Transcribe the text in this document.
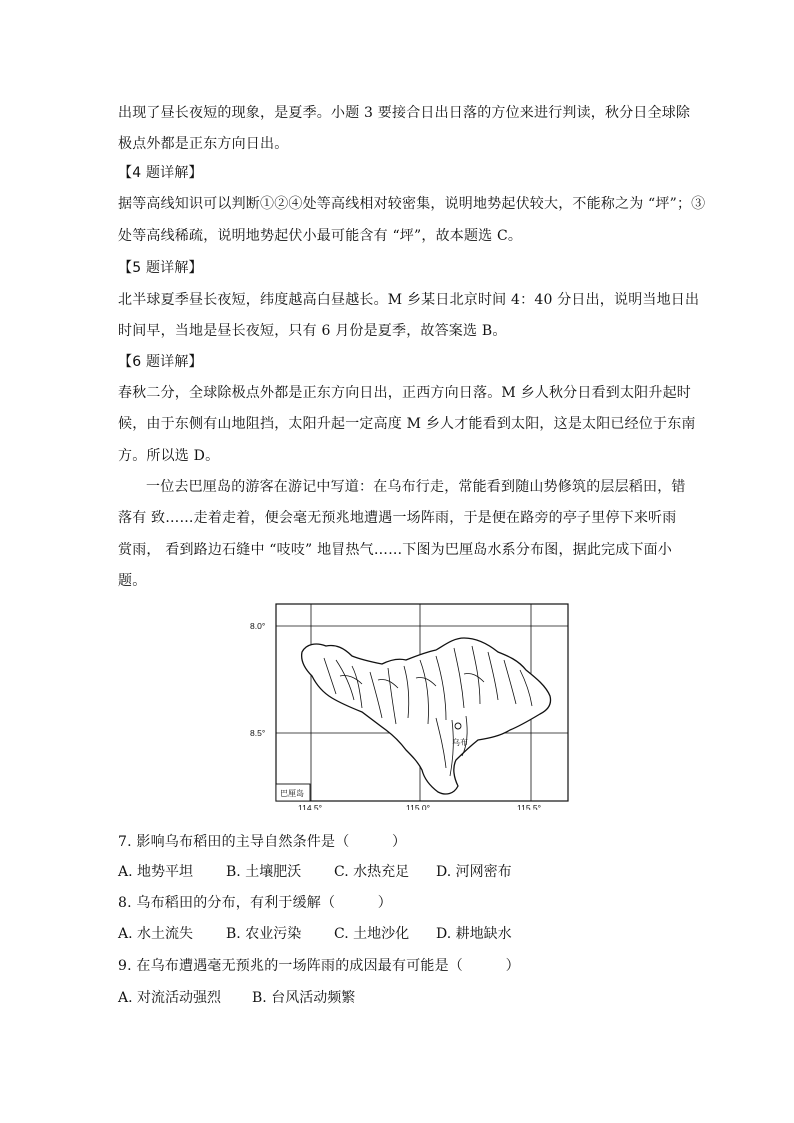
出现了昼长夜短的现象，是夏季。小题 3 要接合日出日落的方位来进行判读，秋分日全球除
极点外都是正东方向日出。
【4 题详解】
据等高线知识可以判断①②④处等高线相对较密集，说明地势起伏较大，不能称之为 “坪”；③
处等高线稀疏，说明地势起伏小最可能含有 “坪”，故本题选 C。
【5 题详解】
北半球夏季昼长夜短，纬度越高白昼越长。M 乡某日北京时间 4：40 分日出，说明当地日出
时间早，当地是昼长夜短，只有 6 月份是夏季，故答案选 B。
【6 题详解】
春秋二分，全球除极点外都是正东方向日出，正西方向日落。M 乡人秋分日看到太阳升起时
候，由于东侧有山地阻挡，太阳升起一定高度 M 乡人才能看到太阳，这是太阳已经位于东南
方。所以选 D。
一位去巴厘岛的游客在游记中写道：在乌布行走，常能看到随山势修筑的层层稻田，错
落有 致……走着走着，便会毫无预兆地遭遇一场阵雨，于是便在路旁的亭子里停下来听雨
赏雨， 看到路边石缝中 “吱吱” 地冒热气……下图为巴厘岛水系分布图，据此完成下面小
题。
8.0°
8.5°
114.5°	115.0°	115.5°
乌布
巴厘岛
7. 影响乌布稻田的主导自然条件是（　　　）
A. 地势平坦 B. 土壤肥沃 C. 水热充足 D. 河网密布
8. 乌布稻田的分布，有利于缓解（　　　）
A. 水土流失 B. 农业污染 C. 土地沙化 D. 耕地缺水
9. 在乌布遭遇毫无预兆的一场阵雨的成因最有可能是（　　　）
A. 对流活动强烈 B. 台风活动频繁
